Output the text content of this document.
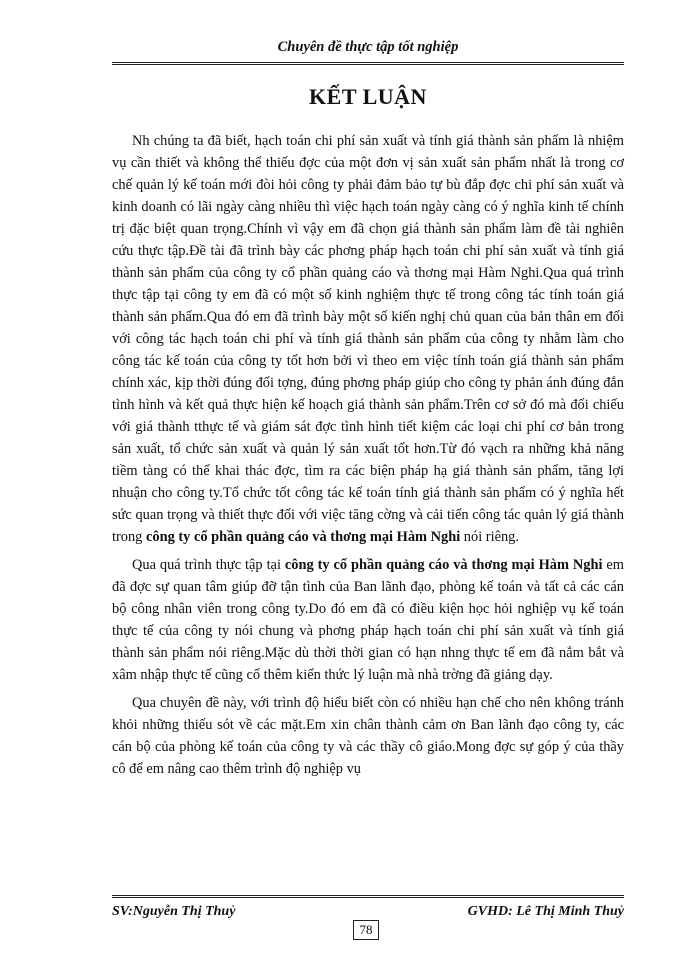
Chuyên đề thực tập tốt nghiệp
KẾT LUẬN

Nh chúng ta đã biết, hạch toán chi phí sản xuất và tính giá thành sản phẩm là nhiệm vụ cần thiết và không thể thiếu đợc của một đơn vị sản xuất sản phẩm nhất là trong cơ chế quản lý kế toán mới đòi hỏi công ty phải đảm bảo tự bù đắp đợc chi phí sản xuất và kinh doanh có lãi ngày càng nhiều thì việc hạch toán ngày càng có ý nghĩa kinh tế chính trị đặc biệt quan trọng.Chính vì vậy em đã chọn giá thành sản phẩm làm đề tài nghiên cứu thực tập.Đề tài đã trình bày các phơng pháp hạch toán chi phí sản xuất và tính giá thành sản phẩm của công ty cổ phần quảng cáo và thơng mại Hàm Nghi.Qua quá trình thực tập tại công ty em đã có một số kinh nghiệm thực tế trong công tác tính toán giá thành sản phẩm.Qua đó em đã trình bày một số kiến nghị chủ quan của bản thân em đối với công tác hạch toán chi phí và tính giá thành sản phẩm của công ty nhằm làm cho công tác kế toán của công ty tốt hơn bởi vì theo em việc tính toán giá thành sản phẩm chính xác, kịp thời đúng đối tợng, đúng phơng pháp giúp cho công ty phản ánh đúng đắn tình hình và kết quả thực hiện kế hoạch giá thành sản phẩm.Trên cơ sở đó mà đối chiếu với giá thành tthực tế và giám sát đợc tình hình tiết kiệm các loại chi phí cơ bản trong sản xuất, tổ chức sản xuất và quản lý sản xuất tốt hơn.Từ đó vạch ra những khả năng tiềm tàng có thể khai thác đợc, tìm ra các biện pháp hạ giá thành sản phẩm, tăng lợi nhuận cho công ty.Tổ chức tốt công tác kế toán tính giá thành sản phẩm có ý nghĩa hết sức quan trọng và thiết thực đối với việc tăng cờng và cải tiến công tác quản lý giá thành trong công ty cổ phần quảng cáo và thơng mại Hàm Nghi nói riêng.

Qua quá trình thực tập tại công ty cổ phần quảng cáo và thơng mại Hàm Nghi em đã đợc sự quan tâm giúp đỡ tận tình của Ban lãnh đạo, phòng kế toán và tất cả các cán bộ công nhân viên trong công ty.Do đó em đã có điều kiện học hỏi nghiệp vụ kế toán thực tế của công ty nói chung và phơng pháp hạch toán chi phí sản xuất và tính giá thành sản phẩm nói riêng.Mặc dù thời thời gian có hạn nhng thực tế em đã nắm bắt và xâm nhập thực tế cũng cố thêm kiến thức lý luận mà nhà trờng đã giảng dạy.

Qua chuyên đề này, với trình độ hiểu biết còn có nhiều hạn chế cho nên không tránh khỏi những thiếu sót về các mặt.Em xin chân thành cảm ơn Ban lãnh đạo công ty, các cán bộ của phòng kế toán của công ty và các thầy cô giáo.Mong đợc sự góp ý của thầy cô để em nâng cao thêm trình độ nghiệp vụ

SV:Nguyễn Thị Thuỷ	GVHD: Lê Thị Minh Thuỷ
78
